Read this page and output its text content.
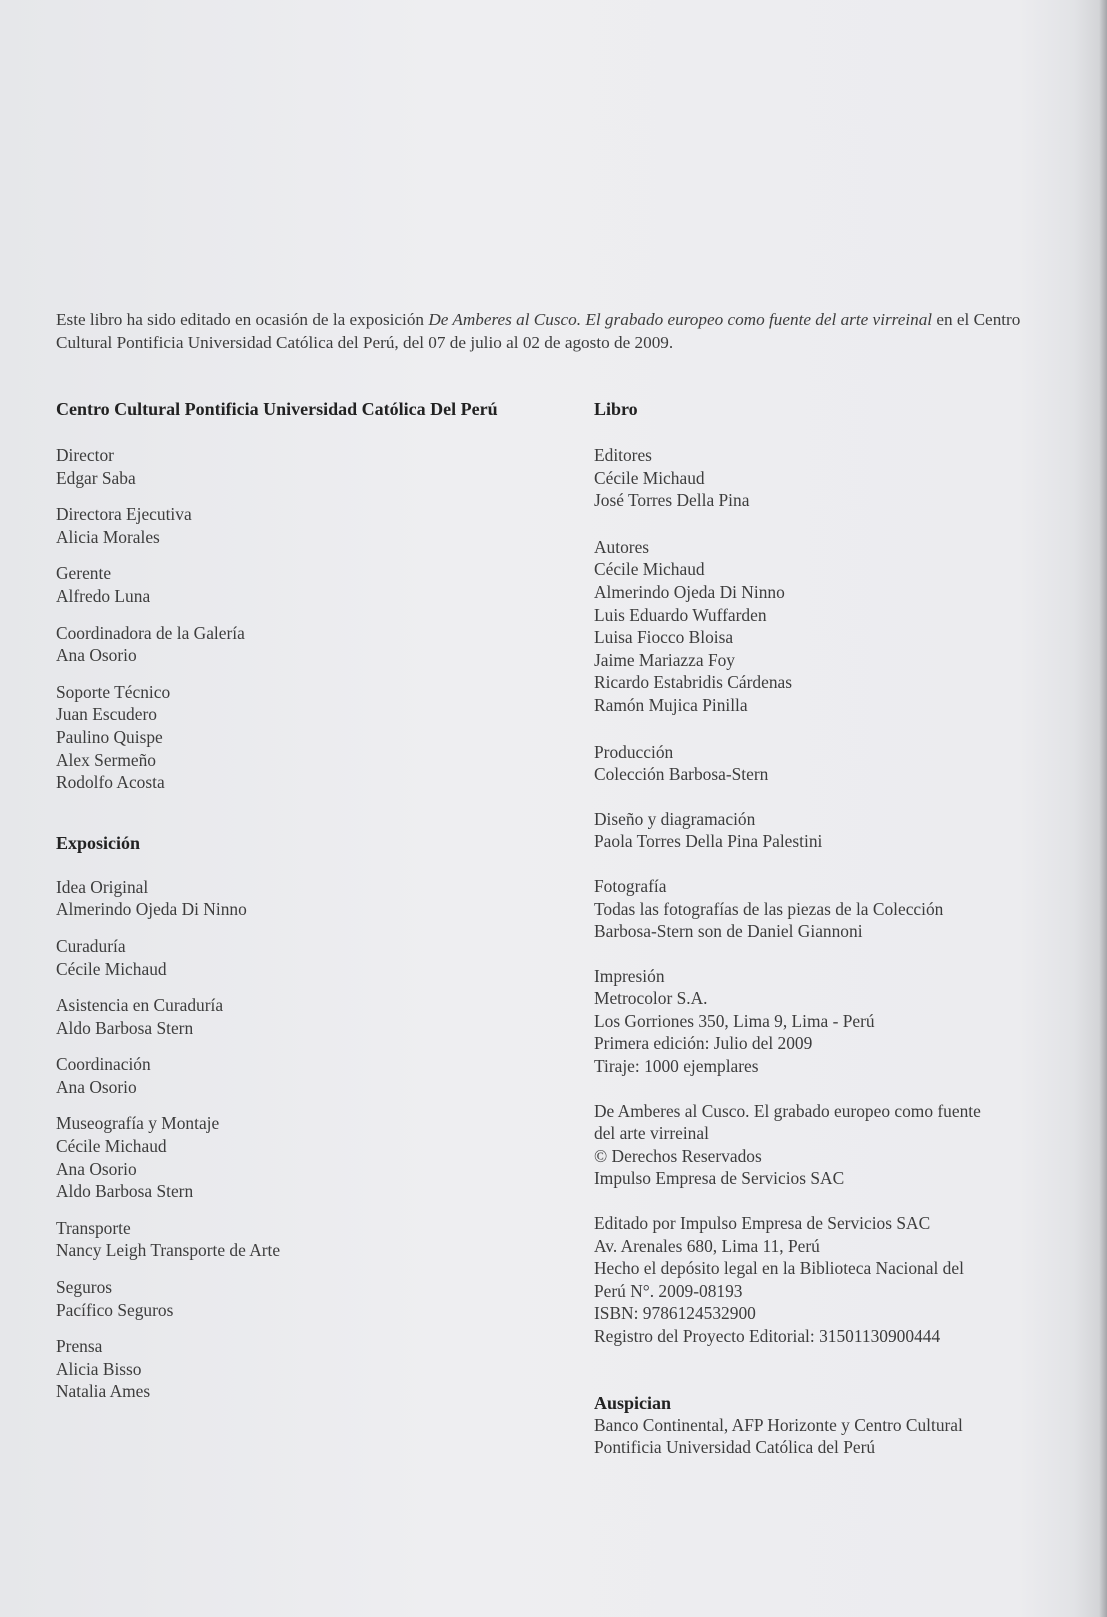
Este libro ha sido editado en ocasión de la exposición De Amberes al Cusco. El grabado europeo como fuente del arte virreinal en el Centro Cultural Pontificia Universidad Católica del Perú, del 07 de julio al 02 de agosto de 2009.
Centro Cultural Pontificia Universidad Católica Del Perú
Director
Edgar Saba
Directora Ejecutiva
Alicia Morales
Gerente
Alfredo Luna
Coordinadora de la Galería
Ana Osorio
Soporte Técnico
Juan Escudero
Paulino Quispe
Alex Sermeño
Rodolfo Acosta
Exposición
Idea Original
Almerindo Ojeda Di Ninno
Curaduría
Cécile Michaud
Asistencia en Curaduría
Aldo Barbosa Stern
Coordinación
Ana Osorio
Museografía y Montaje
Cécile Michaud
Ana Osorio
Aldo Barbosa Stern
Transporte
Nancy Leigh Transporte de Arte
Seguros
Pacífico Seguros
Prensa
Alicia Bisso
Natalia Ames
Libro
Editores
Cécile Michaud
José Torres Della Pina
Autores
Cécile Michaud
Almerindo Ojeda Di Ninno
Luis Eduardo Wuffarden
Luisa Fiocco Bloisa
Jaime Mariazza Foy
Ricardo Estabridis Cárdenas
Ramón Mujica Pinilla
Producción
Colección Barbosa-Stern
Diseño y diagramación
Paola Torres Della Pina Palestini
Fotografía
Todas las fotografías de las piezas de la Colección
Barbosa-Stern son de Daniel Giannoni
Impresión
Metrocolor S.A.
Los Gorriones 350, Lima 9, Lima - Perú
Primera edición: Julio del 2009
Tiraje: 1000 ejemplares
De Amberes al Cusco. El grabado europeo como fuente
del arte virreinal
© Derechos Reservados
Impulso Empresa de Servicios SAC
Editado por Impulso Empresa de Servicios SAC
Av. Arenales 680, Lima 11, Perú
Hecho el depósito legal en la Biblioteca Nacional del
Perú N°. 2009-08193
ISBN: 9786124532900
Registro del Proyecto Editorial: 31501130900444
Auspician
Banco Continental, AFP Horizonte y Centro Cultural
Pontificia Universidad Católica del Perú
